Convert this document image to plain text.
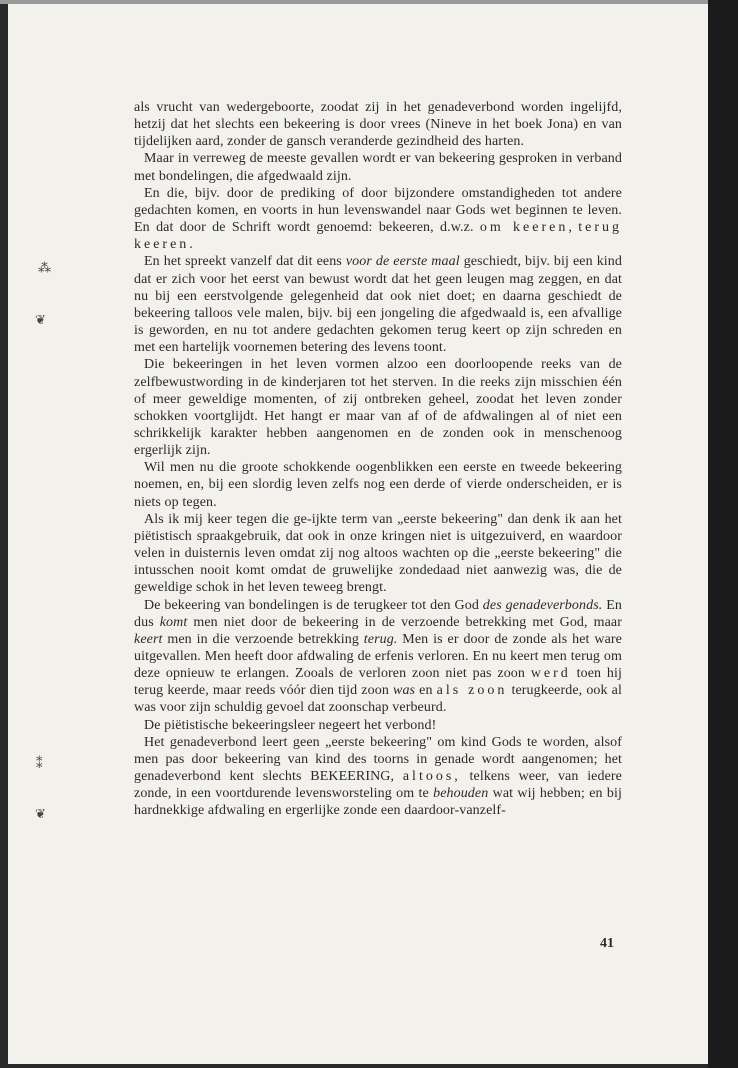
⁂
❦
⁑
❦

als vrucht van wedergeboorte, zoodat zij in het genadeverbond worden ingelijfd, hetzij dat het slechts een bekeering is door vrees (Nineve in het boek Jona) en van tijdelijken aard, zonder de gansch veranderde gezindheid des harten.

Maar in verreweg de meeste gevallen wordt er van bekeering gesproken in verband met bondelingen, die afgedwaald zijn.

En die, bijv. door de prediking of door bijzondere omstandigheden tot andere gedachten komen, en voorts in hun levenswandel naar Gods wet beginnen te leven. En dat door de Schrift wordt genoemd: bekeeren, d.w.z. om keeren, terug keeren.

En het spreekt vanzelf dat dit eens voor de eerste maal geschiedt, bijv. bij een kind dat er zich voor het eerst van bewust wordt dat het geen leugen mag zeggen, en dat nu bij een eerstvolgende gelegenheid dat ook niet doet; en daarna geschiedt de bekeering talloos vele malen, bijv. bij een jongeling die afgedwaald is, een afvallige is geworden, en nu tot andere gedachten gekomen terug keert op zijn schreden en met een hartelijk voornemen betering des levens toont.

Die bekeeringen in het leven vormen alzoo een doorloopende reeks van de zelfbewustwording in de kinderjaren tot het sterven. In die reeks zijn misschien één of meer geweldige momenten, of zij ontbreken geheel, zoodat het leven zonder schokken voortglijdt. Het hangt er maar van af of de afdwalingen al of niet een schrikkelijk karakter hebben aangenomen en de zonden ook in menschenoog ergerlijk zijn.

Wil men nu die groote schokkende oogenblikken een eerste en tweede bekeering noemen, en, bij een slordig leven zelfs nog een derde of vierde onderscheiden, er is niets op tegen.

Als ik mij keer tegen die ge-ijkte term van „eerste bekeering" dan denk ik aan het piëtistisch spraakgebruik, dat ook in onze kringen niet is uitgezuiverd, en waardoor velen in duisternis leven omdat zij nog altoos wachten op die „eerste bekeering" die intusschen nooit komt omdat de gruwelijke zondedaad niet aanwezig was, die de geweldige schok in het leven teweeg brengt.

De bekeering van bondelingen is de terugkeer tot den God des genadeverbonds. En dus komt men niet door de bekeering in de verzoende betrekking met God, maar keert men in die verzoende betrekking terug. Men is er door de zonde als het ware uitgevallen. Men heeft door afdwaling de erfenis verloren. En nu keert men terug om deze opnieuw te erlangen. Zooals de verloren zoon niet pas zoon werd toen hij terug keerde, maar reeds vóór dien tijd zoon was en als zoon terugkeerde, ook al was voor zijn schuldig gevoel dat zoonschap verbeurd.

De piëtistische bekeeringsleer negeert het verbond!

Het genadeverbond leert geen „eerste bekeering" om kind Gods te worden, alsof men pas door bekeering van kind des toorns in genade wordt aangenomen; het genadeverbond kent slechts BEKEERING, altoos, telkens weer, van iedere zonde, in een voortdurende levensworsteling om te behouden wat wij hebben; en bij hardnekkige afdwaling en ergerlijke zonde een daardoor-vanzelf-

41
